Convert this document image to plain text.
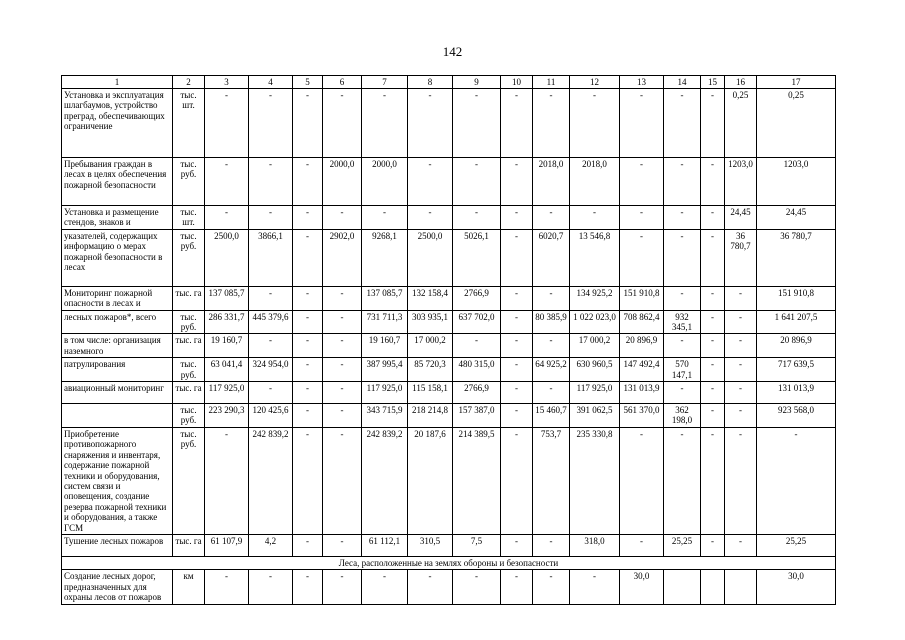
142
1	2	3	4	5	6	7	8	9	10	11	12	13	14	15	16	17
Установка и эксплуатация шлагбаумов, устройство преград, обеспечивающих ограничение	тыс. шт.	-	-	-	-	-	-	-	-	-	-	-	-	-	0,25	0,25
Пребывания граждан в лесах в целях обеспечения пожарной безопасности	тыс. руб.	-	-	-	2000,0	2000,0	-	-	-	2018,0	2018,0	-	-	-	1203,0	1203,0
Установка и размещение стендов, знаков и	тыс. шт.	-	-	-	-	-	-	-	-	-	-	-	-	-	24,45	24,45
указателей, содержащих информацию о мерах пожарной безопасности в лесах	тыс. руб.	2500,0	3866,1	-	2902,0	9268,1	2500,0	5026,1	-	6020,7	13 546,8	-	-	-	36 780,7	36 780,7
Мониторинг пожарной опасности в лесах и	тыс. га	137 085,7	-	-	-	137 085,7	132 158,4	2766,9	-	-	134 925,2	151 910,8	-	-	-	151 910,8
лесных пожаров*, всего	тыс. руб.	286 331,7	445 379,6	-	-	731 711,3	303 935,1	637 702,0	-	80 385,9	1 022 023,0	708 862,4	932 345,1	-	-	1 641 207,5
в том числе: организация наземного	тыс. га	19 160,7	-	-	-	19 160,7	17 000,2	-	-	-	17 000,2	20 896,9	-	-	-	20 896,9
патрулирования	тыс. руб.	63 041,4	324 954,0	-	-	387 995,4	85 720,3	480 315,0	-	64 925,2	630 960,5	147 492,4	570 147,1	-	-	717 639,5
авиационный мониторинг	тыс. га	117 925,0	-	-	-	117 925,0	115 158,1	2766,9	-	-	117 925,0	131 013,9	-	-	-	131 013,9
	тыс. руб.	223 290,3	120 425,6	-	-	343 715,9	218 214,8	157 387,0	-	15 460,7	391 062,5	561 370,0	362 198,0	-	-	923 568,0
Приобретение противопожарного снаряжения и инвентаря, содержание пожарной техники и оборудования, систем связи и оповещения, создание резерва пожарной техники и оборудования, а также ГСМ	тыс. руб.	-	242 839,2	-	-	242 839,2	20 187,6	214 389,5	-	753,7	235 330,8	-	-	-	-	-
Тушение лесных пожаров	тыс. га	61 107,9	4,2	-	-	61 112,1	310,5	7,5	-	-	318,0	-	25,25	-	-	25,25
Леса, расположенные на землях обороны и безопасности																
Создание лесных дорог, предназначенных для охраны лесов от пожаров	км	-	-	-	-	-	-	-	-	-	-	30,0				30,0
